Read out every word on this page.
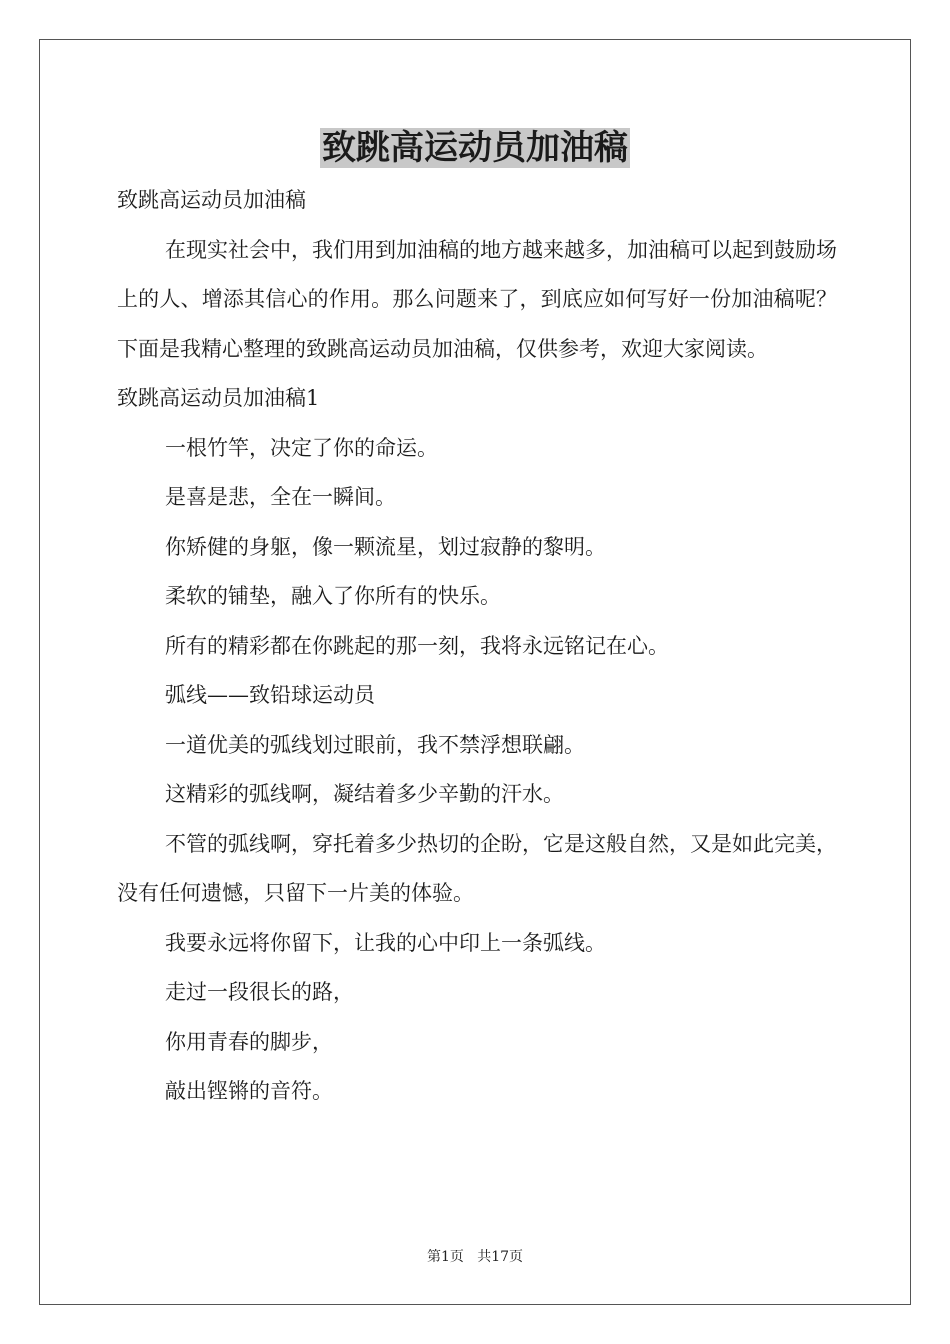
致跳高运动员加油稿

致跳高运动员加油稿

在现实社会中，我们用到加油稿的地方越来越多，加油稿可以起到鼓励场上的人、增添其信心的作用。那么问题来了，到底应如何写好一份加油稿呢？下面是我精心整理的致跳高运动员加油稿，仅供参考，欢迎大家阅读。

致跳高运动员加油稿1

一根竹竿，决定了你的命运。

是喜是悲，全在一瞬间。

你矫健的身躯，像一颗流星，划过寂静的黎明。

柔软的铺垫，融入了你所有的快乐。

所有的精彩都在你跳起的那一刻，我将永远铭记在心。

弧线——致铅球运动员

一道优美的弧线划过眼前，我不禁浮想联翩。

这精彩的弧线啊，凝结着多少辛勤的汗水。

不管的弧线啊，穿托着多少热切的企盼，它是这般自然，又是如此完美，没有任何遗憾，只留下一片美的体验。

我要永远将你留下，让我的心中印上一条弧线。

走过一段很长的路，

你用青春的脚步，

敲出铿锵的音符。

第1页   共17页
